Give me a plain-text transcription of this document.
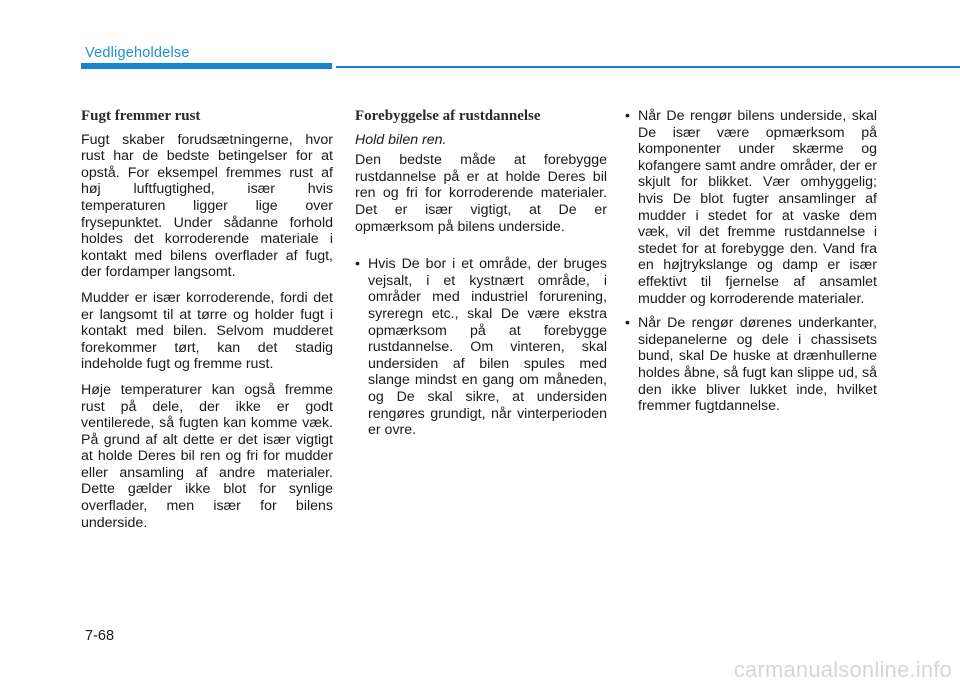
Vedligeholdelse
Fugt fremmer rust

Fugt skaber forudsætningerne, hvor rust har de bedste betingelser for at opstå. For eksempel fremmes rust af høj luftfugtighed, især hvis temperaturen ligger lige over frysepunktet. Under sådanne forhold holdes det korroderende materiale i kontakt med bilens overflader af fugt, der fordamper langsomt.

Mudder er især korroderende, fordi det er langsomt til at tørre og holder fugt i kontakt med bilen. Selvom mudderet forekommer tørt, kan det stadig indeholde fugt og fremme rust.

Høje temperaturer kan også fremme rust på dele, der ikke er godt ventilerede, så fugten kan komme væk. På grund af alt dette er det især vigtigt at holde Deres bil ren og fri for mudder eller ansamling af andre materialer. Dette gælder ikke blot for synlige overflader, men især for bilens underside.

Forebyggelse af rustdannelse

Hold bilen ren.

Den bedste måde at forebygge rustdannelse på er at holde Deres bil ren og fri for korroderende materialer. Det er især vigtigt, at De er opmærksom på bilens underside.

• Hvis De bor i et område, der bruges vejsalt, i et kystnært område, i områder med industriel forurening, syreregn etc., skal De være ekstra opmærksom på at forebygge rustdannelse. Om vinteren, skal undersiden af bilen spules med slange mindst en gang om måneden, og De skal sikre, at undersiden rengøres grundigt, når vinterperioden er ovre.
• Når De rengør bilens underside, skal De især være opmærksom på komponenter under skærme og kofangere samt andre områder, der er skjult for blikket. Vær omhyggelig; hvis De blot fugter ansamlinger af mudder i stedet for at vaske dem væk, vil det fremme rustdannelse i stedet for at forebygge den. Vand fra en højtrykslange og damp er især effektivt til fjernelse af ansamlet mudder og korroderende materialer.
• Når De rengør dørenes underkanter, sidepanelerne og dele i chassisets bund, skal De huske at drænhullerne holdes åbne, så fugt kan slippe ud, så den ikke bliver lukket inde, hvilket fremmer fugtdannelse.
7-68
carmanualsonline.info
